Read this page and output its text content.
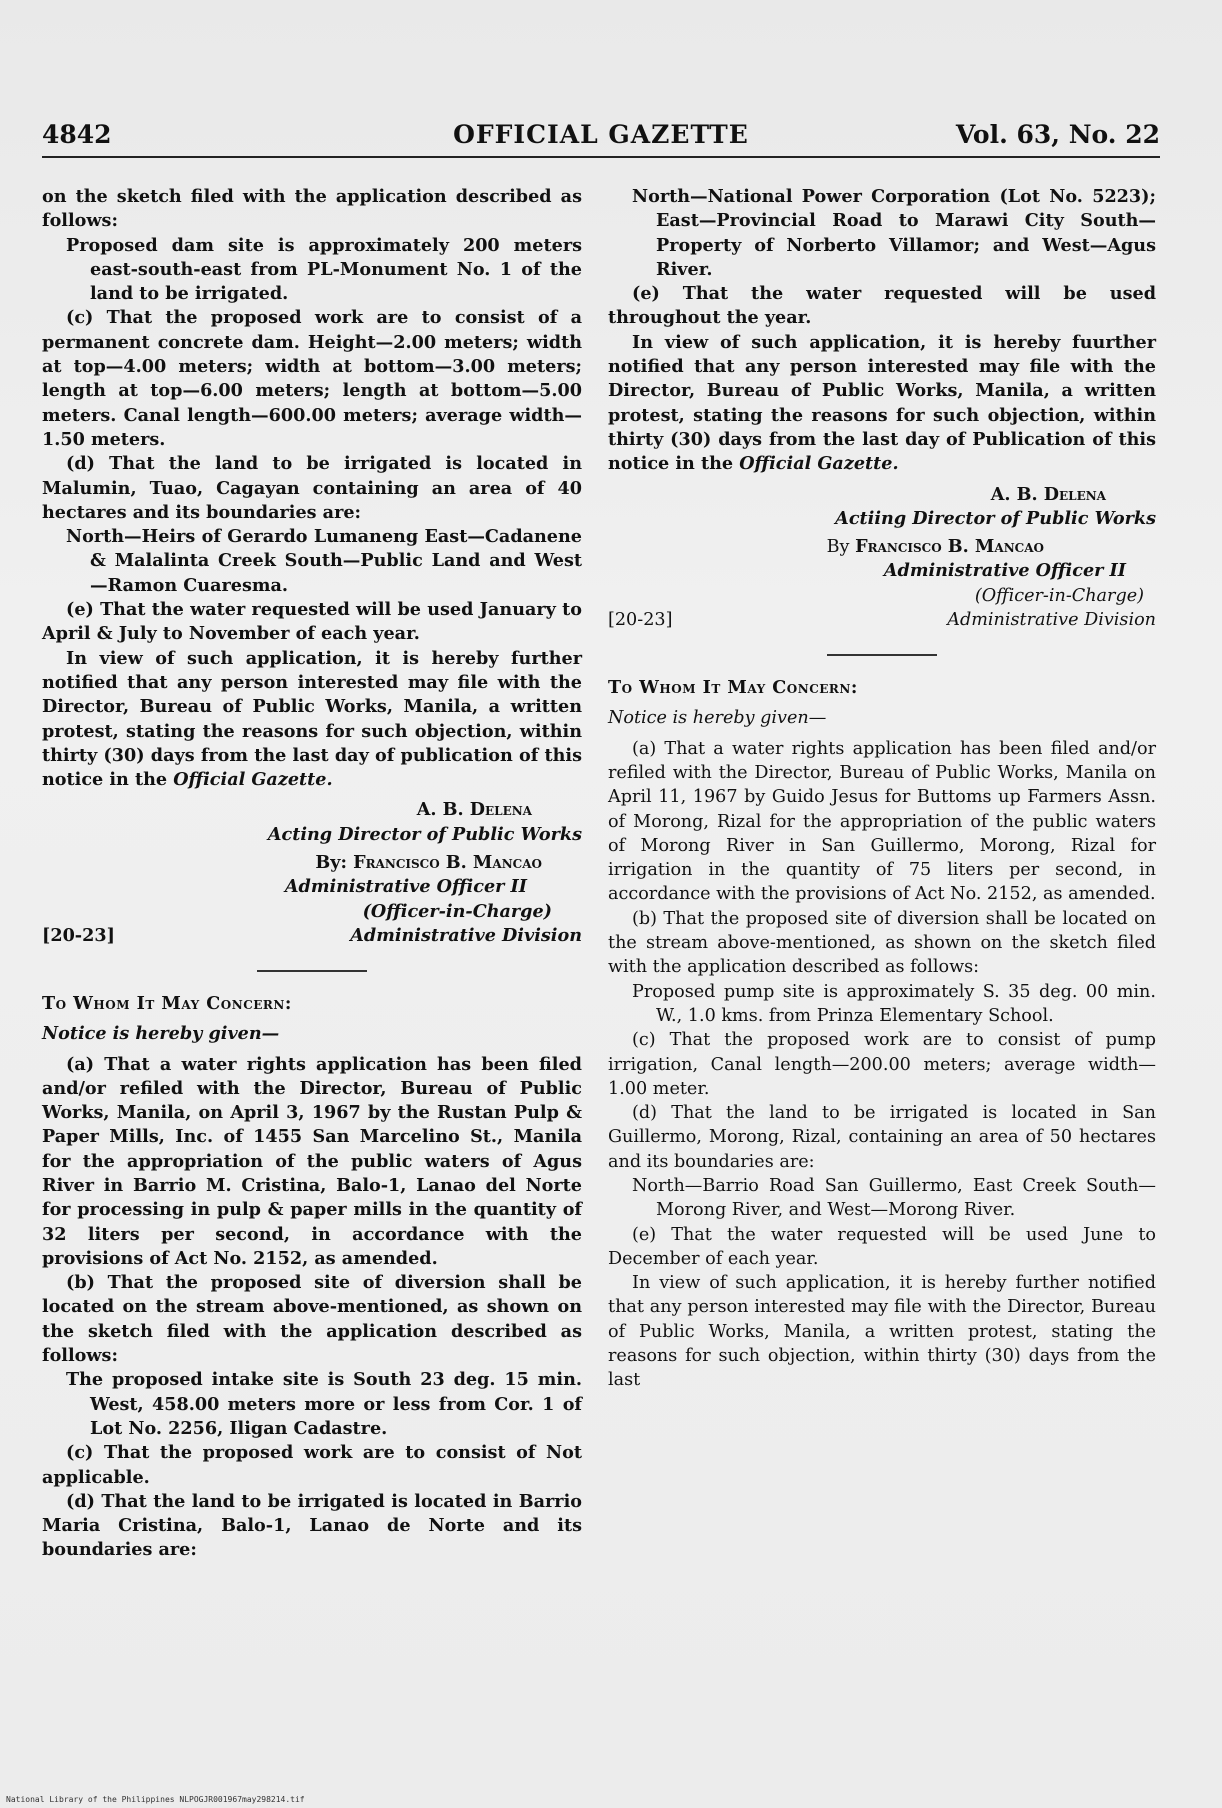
4842	OFFICIAL GAZETTE	Vol. 63, No. 22

on the sketch filed with the application described as follows:

Proposed dam site is approximately 200 meters east-south-east from PL-Monument No. 1 of the land to be irrigated.

(c) That the proposed work are to consist of a permanent concrete dam. Height—2.00 meters; width at top—4.00 meters; width at bottom—3.00 meters; length at top—6.00 meters; length at bottom—5.00 meters. Canal length—600.00 meters; average width—1.50 meters.

(d) That the land to be irrigated is located in Malumin, Tuao, Cagayan containing an area of 40 hectares and its boundaries are:

North—Heirs of Gerardo Lumaneng East—Cadanene & Malalinta Creek South—Public Land and West—Ramon Cuaresma.

(e) That the water requested will be used January to April & July to November of each year.

In view of such application, it is hereby further notified that any person interested may file with the Director, Bureau of Public Works, Manila, a written protest, stating the reasons for such objection, within thirty (30) days from the last day of publication of this notice in the Official Gazette.

A. B. Delena
Acting Director of Public Works
By: Francisco B. Mancao
Administrative Officer II
(Officer-in-Charge)
[20-23]	Administrative Division

To Whom It May Concern:

Notice is hereby given—

(a) That a water rights application has been filed and/or refiled with the Director, Bureau of Public Works, Manila, on April 3, 1967 by the Rustan Pulp & Paper Mills, Inc. of 1455 San Marcelino St., Manila for the appropriation of the public waters of Agus River in Barrio M. Cristina, Balo-1, Lanao del Norte for processing in pulp & paper mills in the quantity of 32 liters per second, in accordance with the provisions of Act No. 2152, as amended.

(b) That the proposed site of diversion shall be located on the stream above-mentioned, as shown on the sketch filed with the application described as follows:

The proposed intake site is South 23 deg. 15 min. West, 458.00 meters more or less from Cor. 1 of Lot No. 2256, Iligan Cadastre.

(c) That the proposed work are to consist of Not applicable.

(d) That the land to be irrigated is located in Barrio Maria Cristina, Balo-1, Lanao de Norte and its boundaries are:

North—National Power Corporation (Lot No. 5223); East—Provincial Road to Marawi City South—Property of Norberto Villamor; and West—Agus River.

(e) That the water requested will be used throughout the year.

In view of such application, it is hereby fuurther notified that any person interested may file with the Director, Bureau of Public Works, Manila, a written protest, stating the reasons for such objection, within thirty (30) days from the last day of Publication of this notice in the Official Gazette.

A. B. Delena
Actiing Director of Public Works
By Francisco B. Mancao
Administrative Officer II
(Officer-in-Charge)
[20-23]	Administrative Division

To Whom It May Concern:

Notice is hereby given—

(a) That a water rights application has been filed and/or refiled with the Director, Bureau of Public Works, Manila on April 11, 1967 by Guido Jesus for Buttoms up Farmers Assn. of Morong, Rizal for the appropriation of the public waters of Morong River in San Guillermo, Morong, Rizal for irrigation in the quantity of 75 liters per second, in accordance with the provisions of Act No. 2152, as amended.

(b) That the proposed site of diversion shall be located on the stream above-mentioned, as shown on the sketch filed with the application described as follows:

Proposed pump site is approximately S. 35 deg. 00 min. W., 1.0 kms. from Prinza Elementary School.

(c) That the proposed work are to consist of pump irrigation, Canal length—200.00 meters; average width—1.00 meter.

(d) That the land to be irrigated is located in San Guillermo, Morong, Rizal, containing an area of 50 hectares and its boundaries are:

North—Barrio Road San Guillermo, East Creek South—Morong River, and West—Morong River.

(e) That the water requested will be used June to December of each year.

In view of such application, it is hereby further notified that any person interested may file with the Director, Bureau of Public Works, Manila, a written protest, stating the reasons for such objection, within thirty (30) days from the last

National Library of the Philippines NLPOGJR001967may298214.tif
